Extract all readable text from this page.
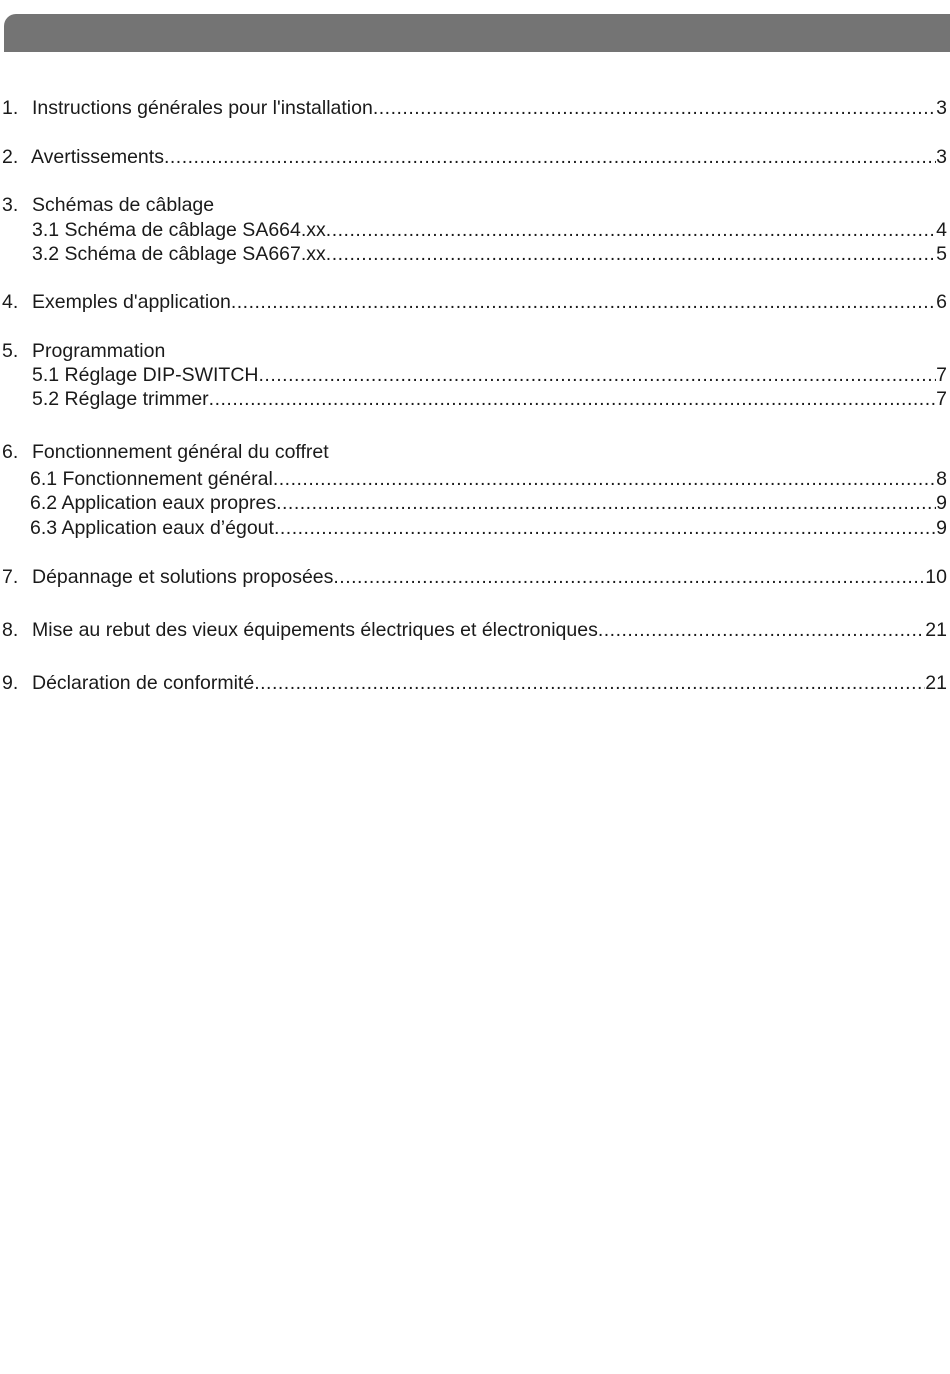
1. Instructions générales pour l'installation .....	3
2. Avertissements .....	3
3. Schémas de câblage
3.1 Schéma de câblage SA664.xx .....	4
3.2 Schéma de câblage SA667.xx .....	5
4. Exemples d'application .....	6
5. Programmation
5.1 Réglage DIP-SWITCH .....	7
5.2 Réglage trimmer .....	7
6. Fonctionnement général du coffret
6.1 Fonctionnement général .....	8
6.2 Application eaux propres .....	9
6.3 Application eaux d’égout .....	9
7. Dépannage et solutions proposées .....	10
8. Mise au rebut des vieux équipements électriques et électroniques .....	21
9. Déclaration de conformité .....	21
